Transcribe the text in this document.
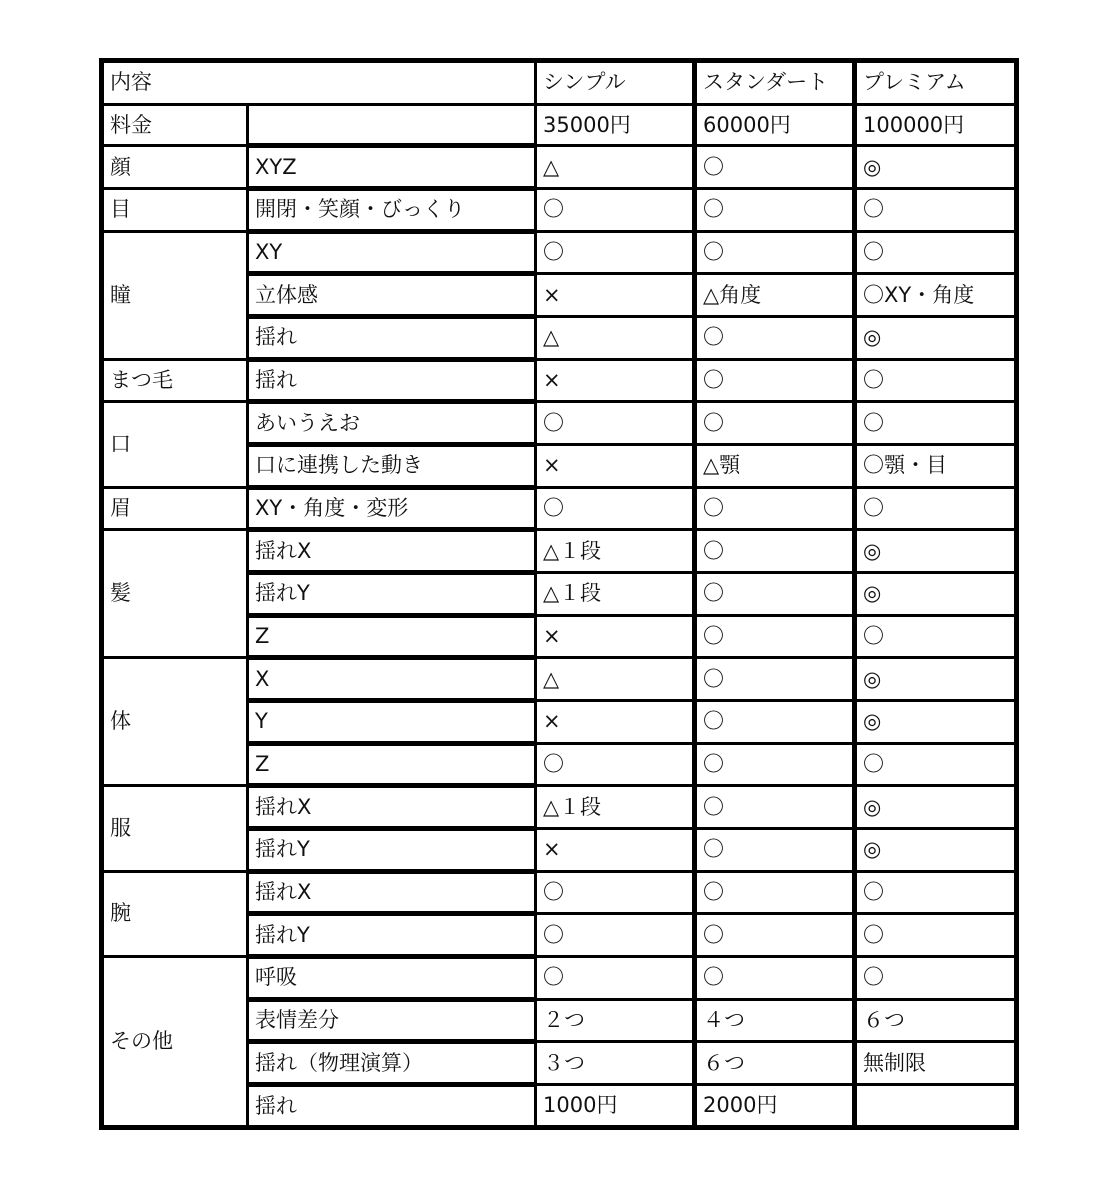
内容		シンプル	スタンダート	プレミアム
料金		35000円	60000円	100000円
顔	XYZ	△	〇	◎
目	開閉・笑顔・びっくり	〇	〇	〇
瞳	XY	〇	〇	〇
	立体感	×	△角度	〇XY・角度
	揺れ	△	〇	◎
まつ毛	揺れ	×	〇	〇
口	あいうえお	〇	〇	〇
	口に連携した動き	×	△顎	〇顎・目
眉	XY・角度・変形	〇	〇	〇
髪	揺れX	△１段	〇	◎
	揺れY	△１段	〇	◎
	Z	×	〇	〇
体	X	△	〇	◎
	Y	×	〇	◎
	Z	〇	〇	〇
服	揺れX	△１段	〇	◎
	揺れY	×	〇	◎
腕	揺れX	〇	〇	〇
	揺れY	〇	〇	〇
その他	呼吸	〇	〇	〇
	表情差分	２つ	４つ	６つ
	揺れ（物理演算）	３つ	６つ	無制限
	揺れ	1000円	2000円	
